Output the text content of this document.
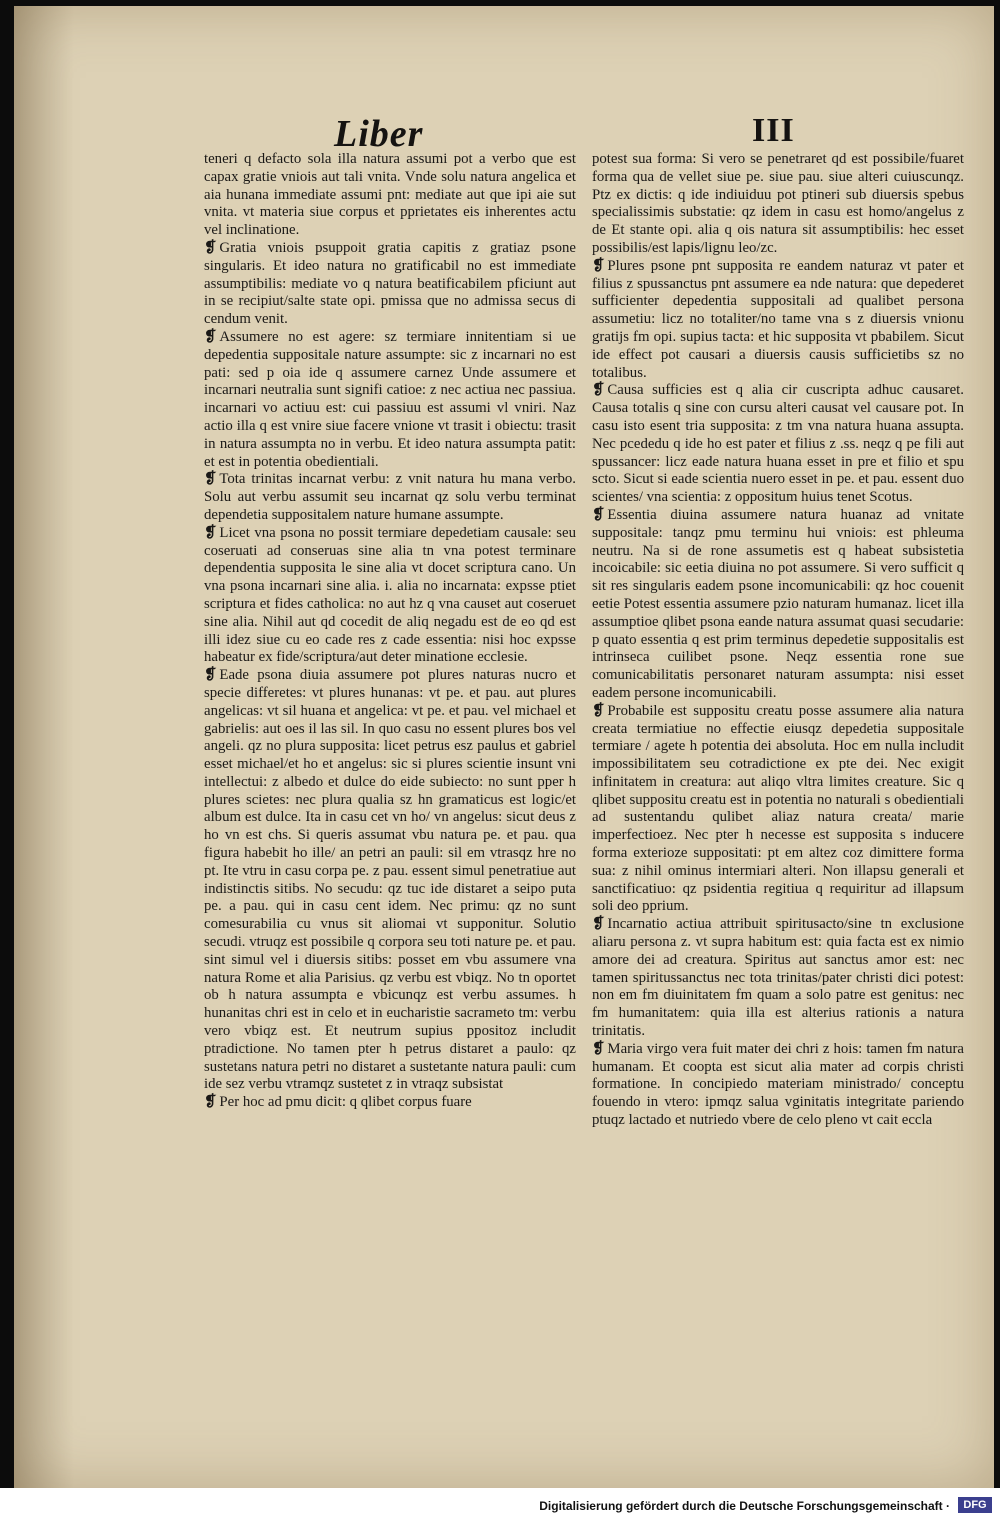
Liber	III

teneri q defacto sola illa natura assumi pot a verbo que est capax gratie vniois aut tali vnita. Vnde solu natura angelica et aia hunana immediate assumi pnt: mediate aut que ipi aie sut vnita. vt materia siue corpus et pprietates eis inherentes actu vel inclinatione.

❡ Gratia vniois psuppoit gratia capitis z gratiaz psone singularis. Et ideo natura no gratificabil no est immediate assumptibilis: mediate vo q natura beatificabilem pficiunt aut in se recipiut/salte state opi. pmissa que no admissa secus di cendum venit.

❡ Assumere no est agere: sz termiare innitentiam si ue depedentia suppositale nature assumpte: sic z incarnari no est pati: sed p oia ide q assumere carnez Unde assumere et incarnari neutralia sunt signifi catioe: z nec actiua nec passiua. incarnari vo actiuu est: cui passiuu est assumi vl vniri. Naz actio illa q est vnire siue facere vnione vt trasit i obiectu: trasit in natura assumpta no in verbu. Et ideo natura assumpta patit: et est in potentia obedientiali.

❡ Tota trinitas incarnat verbu: z vnit natura hu mana verbo. Solu aut verbu assumit seu incarnat qz solu verbu terminat dependetia suppositalem nature humane assumpte.

❡ Licet vna psona no possit termiare depedetiam causale: seu coseruati ad conseruas sine alia tn vna potest terminare dependentia supposita le sine alia vt docet scriptura cano. Un vna psona incarnari sine alia. i. alia no incarnata: expsse ptiet scriptura et fides catholica: no aut hz q vna causet aut coseruet sine alia. Nihil aut qd cocedit de aliq negadu est de eo qd est illi idez siue cu eo cade res z cade essentia: nisi hoc expsse habeatur ex fide/scriptura/aut deter minatione ecclesie.

❡ Eade psona diuia assumere pot plures naturas nucro et specie differetes: vt plures hunanas: vt pe. et pau. aut plures angelicas: vt sil huana et angelica: vt pe. et pau. vel michael et gabrielis: aut oes il las sil. In quo casu no essent plures bos vel angeli. qz no plura supposita: licet petrus esz paulus et gabriel esset michael/et ho et angelus: sic si plures scientie insunt vni intellectui: z albedo et dulce do eide subiecto: no sunt pper h plures scietes: nec plura qualia sz hn gramaticus est logic/et album est dulce. Ita in casu cet vn ho/ vn angelus: sicut deus z ho vn est chs. Si queris assumat vbu natura pe. et pau. qua figura habebit ho ille/ an petri an pauli: sil em vtrasqz hre no pt. Ite vtru in casu corpa pe. z pau. essent simul penetratiue aut indistinctis sitibs. No secudu: qz tuc ide distaret a seipo puta pe. a pau. qui in casu cent idem. Nec primu: qz no sunt comesurabilia cu vnus sit aliomai vt supponitur. Solutio secudi. vtruqz est possibile q corpora seu toti nature pe. et pau. sint simul vel i diuersis sitibs: posset em vbu assumere vna natura Rome et alia Parisius. qz verbu est vbiqz. No tn oportet ob h natura assumpta e vbicunqz est verbu assumes. h hunanitas chri est in celo et in eucharistie sacrameto tm: verbu vero vbiqz est. Et neutrum supius ppositoz includit ptradictione. No tamen pter h petrus distaret a paulo: qz sustetans natura petri no distaret a sustetante natura pauli: cum ide sez verbu vtramqz sustetet z in vtraqz subsistat

❡ Per hoc ad pmu dicit: q qlibet corpus fuare

potest sua forma: Si vero se penetraret qd est possibile/fuaret forma qua de vellet siue pe. siue pau. siue alteri cuiuscunqz. Ptz ex dictis: q ide indiuiduu pot ptineri sub diuersis spebus specialissimis substatie: qz idem in casu est homo/angelus z de Et stante opi. alia q ois natura sit assumptibilis: hec esset possibilis/est lapis/lignu leo/zc.

❡ Plures psone pnt supposita re eandem naturaz vt pater et filius z spussanctus pnt assumere ea nde natura: que depederet sufficienter depedentia suppositali ad qualibet persona assumetiu: licz no totaliter/no tame vna s z diuersis vnionu gratijs fm opi. supius tacta: et hic supposita vt pbabilem. Sicut ide effect pot causari a diuersis causis sufficietibs sz no totalibus.

❡ Causa sufficies est q alia cir cuscripta adhuc causaret. Causa totalis q sine con cursu alteri causat vel causare pot. In casu isto esent tria supposita: z tm vna natura huana assupta. Nec pcededu q ide ho est pater et filius z .ss. neqz q pe fili aut spussancer: licz eade natura huana esset in pre et filio et spu scto. Sicut si eade scientia nuero esset in pe. et pau. essent duo scientes/ vna scientia: z oppositum huius tenet Scotus.

❡ Essentia diuina assumere natura huanaz ad vnitate suppositale: tanqz pmu terminu hui vniois: est phleuma neutru. Na si de rone assumetis est q habeat subsistetia incoicabile: sic eetia diuina no pot assumere. Si vero sufficit q sit res singularis eadem psone incomunicabili: qz hoc couenit eetie Potest essentia assumere pzio naturam humanaz. licet illa assumptioe qlibet psona eande natura assumat quasi secudarie: p quato essentia q est prim terminus depedetie suppositalis est intrinseca cuilibet psone. Neqz essentia rone sue comunicabilitatis personaret naturam assumpta: nisi esset eadem persone incomunicabili.

❡ Probabile est suppositu creatu posse assumere alia natura creata termiatiue no effectie eiusqz depedetia suppositale termiare / agete h potentia dei absoluta. Hoc em nulla includit impossibilitatem seu cotradictione ex pte dei. Nec exigit infinitatem in creatura: aut aliqo vltra limites creature. Sic q qlibet suppositu creatu est in potentia no naturali s obedientiali ad sustentandu qulibet aliaz natura creata/ marie imperfectioez. Nec pter h necesse est supposita s inducere forma exterioze suppositati: pt em altez coz dimittere forma sua: z nihil ominus intermiari alteri. Non illapsu generali et sanctificatiuo: qz psidentia regitiua q requiritur ad illapsum soli deo pprium.

❡ Incarnatio actiua attribuit spiritusacto/sine tn exclusione aliaru persona z. vt supra habitum est: quia facta est ex nimio amore dei ad creatura. Spiritus aut sanctus amor est: nec tamen spiritussanctus nec tota trinitas/pater christi dici potest: non em fm diuinitatem fm quam a solo patre est genitus: nec fm humanitatem: quia illa est alterius rationis a natura trinitatis.

❡ Maria virgo vera fuit mater dei chri z hois: tamen fm natura humanam. Et coopta est sicut alia mater ad corpis christi formatione. In concipiedo materiam ministrado/ conceptu fouendo in vtero: ipmqz salua vginitatis integritate pariendo ptuqz lactado et nutriedo vbere de celo pleno vt cait eccla

Digitalisierung gefördert durch die Deutsche Forschungsgemeinschaft ·	DFG
